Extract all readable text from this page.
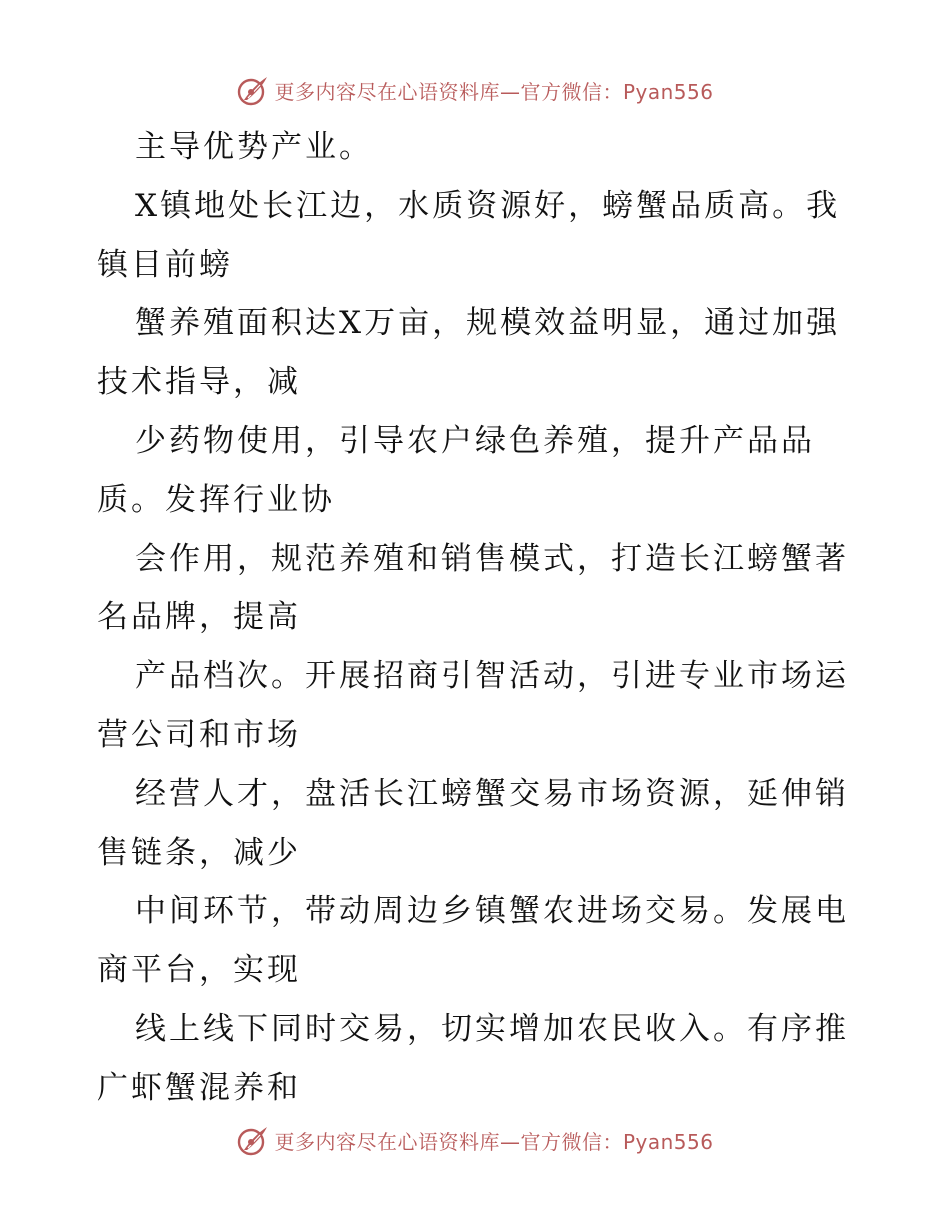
更多内容尽在心语资料库—官方微信：Pyan556
主导优势产业。
X镇地处长江边，水质资源好，螃蟹品质高。我
镇目前螃
蟹养殖面积达X万亩，规模效益明显，通过加强
技术指导，减
少药物使用，引导农户绿色养殖，提升产品品
质。发挥行业协
会作用，规范养殖和销售模式，打造长江螃蟹著
名品牌，提高
产品档次。开展招商引智活动，引进专业市场运
营公司和市场
经营人才，盘活长江螃蟹交易市场资源，延伸销
售链条，减少
中间环节，带动周边乡镇蟹农进场交易。发展电
商平台，实现
线上线下同时交易，切实增加农民收入。有序推
广虾蟹混养和
更多内容尽在心语资料库—官方微信：Pyan556
